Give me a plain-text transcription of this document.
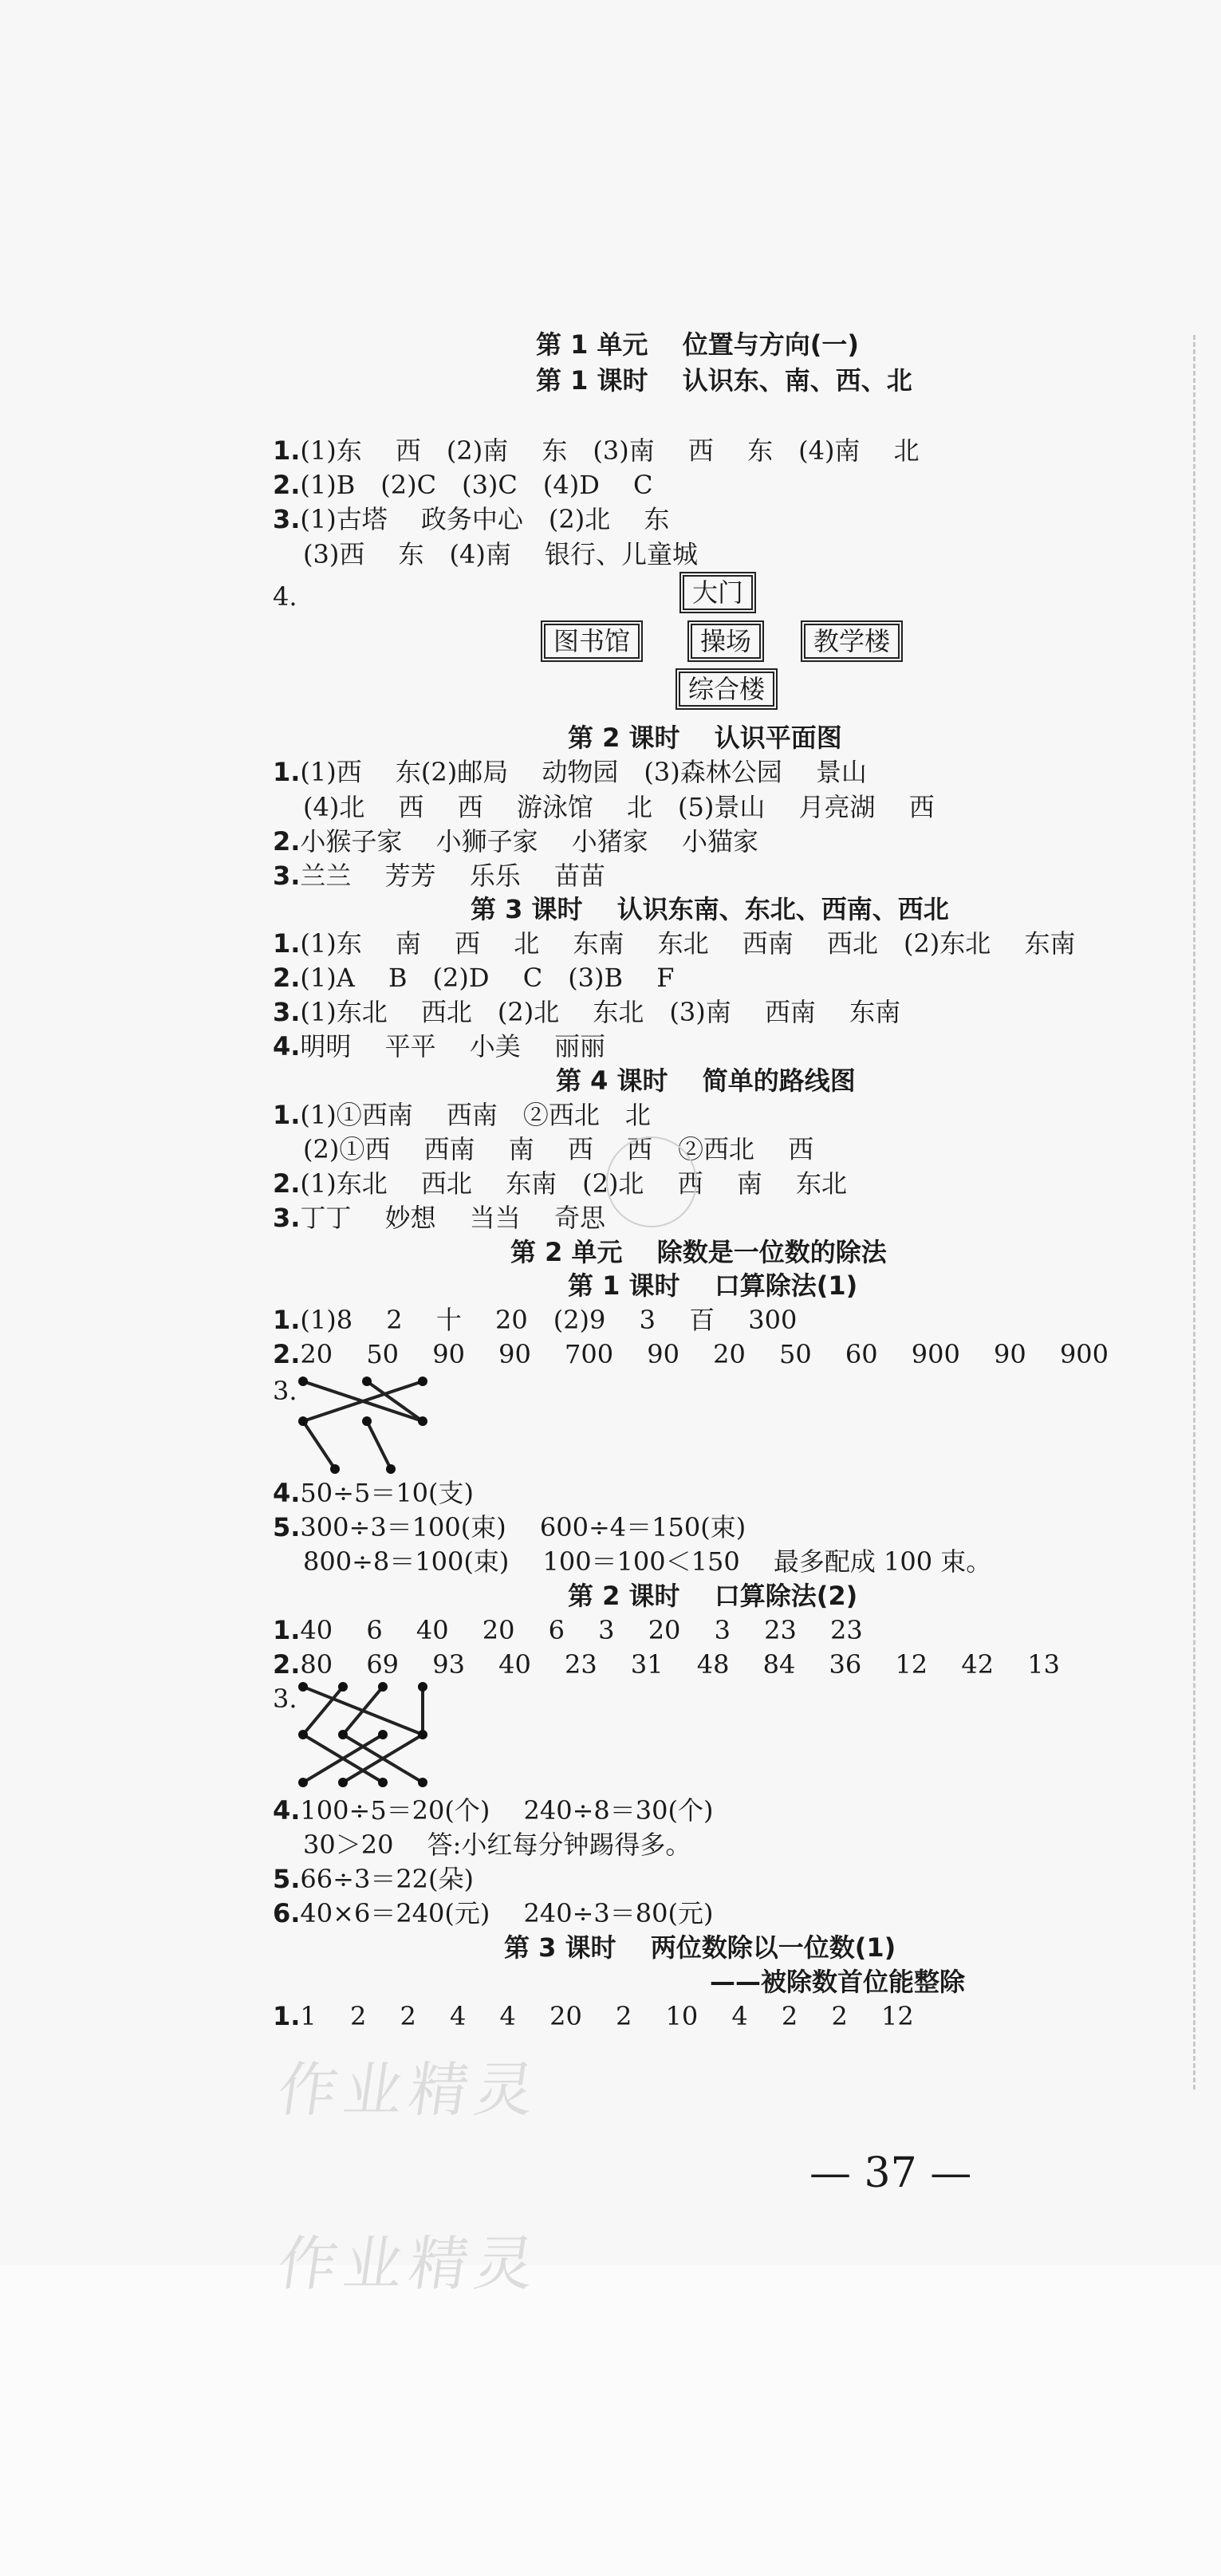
第 1 单元　 位置与方向(一)
第 1 课时　 认识东、南、西、北
1.(1)东　 西　(2)南　 东　(3)南　 西　 东　(4)南　 北
2.(1)B　(2)C　(3)C　(4)D　 C
3.(1)古塔　 政务中心　(2)北　 东
(3)西　 东　(4)南　 银行、儿童城
4.	大门
图书馆	操场	教学楼
综合楼
第 2 课时　 认识平面图
1.(1)西　 东(2)邮局　 动物园　(3)森林公园　 景山
(4)北　 西　 西　 游泳馆　 北　(5)景山　 月亮湖　 西
2.小猴子家　 小狮子家　 小猪家　 小猫家
3.兰兰　 芳芳　 乐乐　 苗苗
第 3 课时　 认识东南、东北、西南、西北
1.(1)东　 南　 西　 北　 东南　 东北　 西南　 西北　(2)东北　 东南
2.(1)A　 B　(2)D　 C　(3)B　 F
3.(1)东北　 西北　(2)北　 东北　(3)南　 西南　 东南
4.明明　 平平　 小美　 丽丽
第 4 课时　 简单的路线图
1.(1)①西南　 西南　②西北　北
(2)①西　 西南　 南　 西　 西　②西北　 西
2.(1)东北　 西北　 东南　(2)北　 西　 南　 东北
3.丁丁　 妙想　 当当　 奇思
第 2 单元　 除数是一位数的除法
第 1 课时　 口算除法(1)
1.(1)8　 2　 十　 20　(2)9　 3　 百　 300
2.20　 50　 90　 90　 700　 90　 20　 50　 60　 900　 90　 900
3.
4.50÷5＝10(支)
5.300÷3＝100(束)　 600÷4＝150(束)
800÷8＝100(束)　 100＝100＜150　 最多配成 100 束。
第 2 课时　 口算除法(2)
1.40　 6　 40　 20　 6　 3　 20　 3　 23　 23
2.80　 69　 93　 40　 23　 31　 48　 84　 36　 12　 42　 13
3.
4.100÷5＝20(个)　 240÷8＝30(个)
30＞20　 答:小红每分钟踢得多。
5.66÷3＝22(朵)
6.40×6＝240(元)　 240÷3＝80(元)
第 3 课时　 两位数除以一位数(1)
——被除数首位能整除
1.1　 2　 2　 4　 4　 20　 2　 10　 4　 2　 2　 12
作业精灵
作业精灵
— 37 —
